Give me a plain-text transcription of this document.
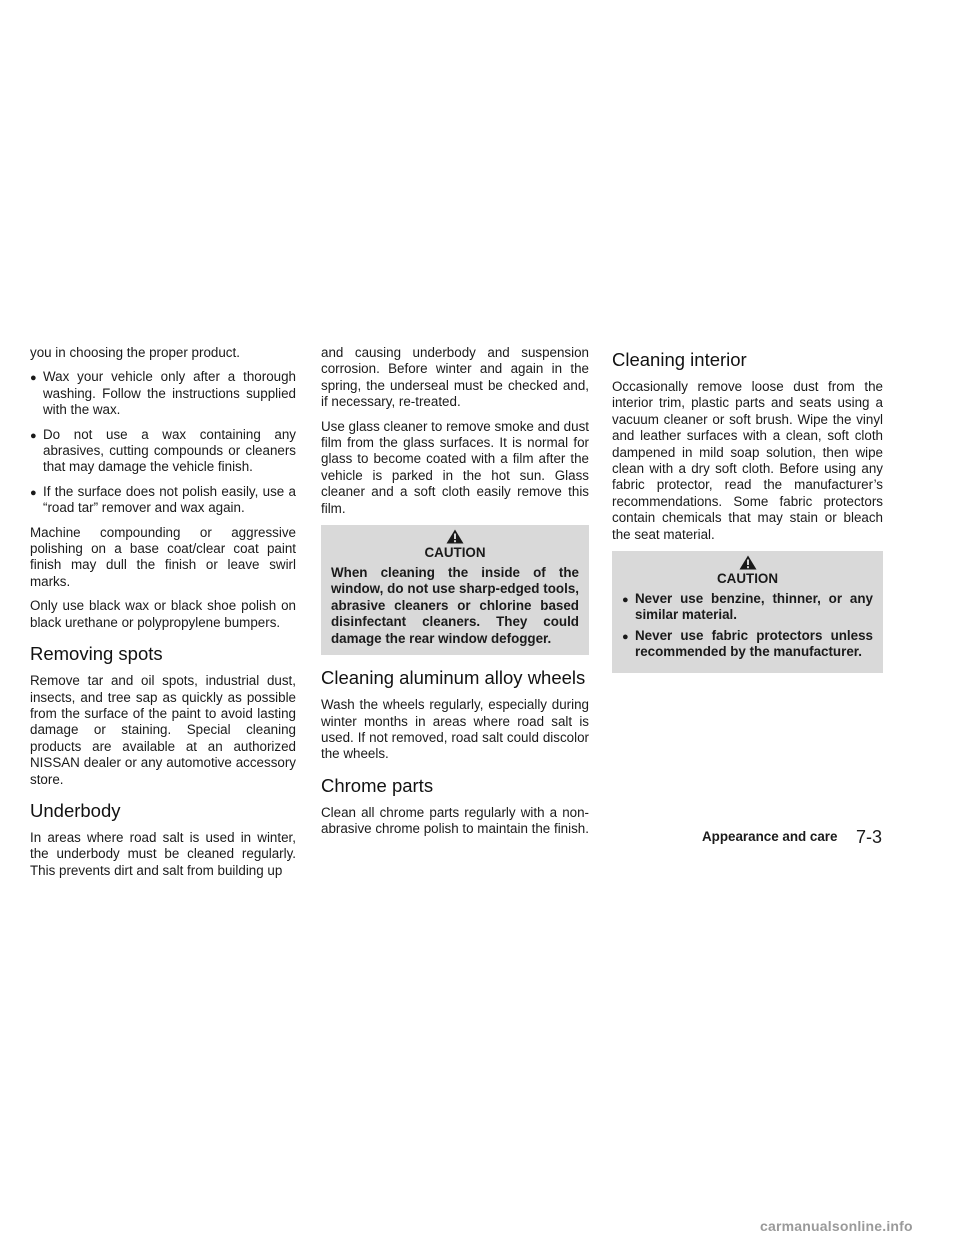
you in choosing the proper product.

● Wax your vehicle only after a thorough washing. Follow the instructions supplied with the wax.
● Do not use a wax containing any abrasives, cutting compounds or cleaners that may damage the vehicle finish.
● If the surface does not polish easily, use a “road tar” remover and wax again.

Machine compounding or aggressive polishing on a base coat/clear coat paint finish may dull the finish or leave swirl marks.

Only use black wax or black shoe polish on black urethane or polypropylene bumpers.

Removing spots

Remove tar and oil spots, industrial dust, insects, and tree sap as quickly as possible from the surface of the paint to avoid lasting damage or staining. Special cleaning products are available at an authorized NISSAN dealer or any automotive accessory store.

Underbody

In areas where road salt is used in winter, the underbody must be cleaned regularly. This prevents dirt and salt from building up

and causing underbody and suspension corrosion. Before winter and again in the spring, the underseal must be checked and, if necessary, re-treated.

Use glass cleaner to remove smoke and dust film from the glass surfaces. It is normal for glass to become coated with a film after the vehicle is parked in the hot sun. Glass cleaner and a soft cloth easily remove this film.

CAUTION
When cleaning the inside of the window, do not use sharp-edged tools, abrasive cleaners or chlorine based disinfectant cleaners. They could damage the rear window defogger.
Cleaning aluminum alloy wheels

Wash the wheels regularly, especially during winter months in areas where road salt is used. If not removed, road salt could discolor the wheels.

Chrome parts

Clean all chrome parts regularly with a non-abrasive chrome polish to maintain the finish.

Cleaning interior

Occasionally remove loose dust from the interior trim, plastic parts and seats using a vacuum cleaner or soft brush. Wipe the vinyl and leather surfaces with a clean, soft cloth dampened in mild soap solution, then wipe clean with a dry soft cloth. Before using any fabric protector, read the manufacturer’s recommendations. Some fabric protectors contain chemicals that may stain or bleach the seat material.

CAUTION
● Never use benzine, thinner, or any similar material.
● Never use fabric protectors unless recommended by the manufacturer.
Appearance and care 7-3
carmanualsonline.info
